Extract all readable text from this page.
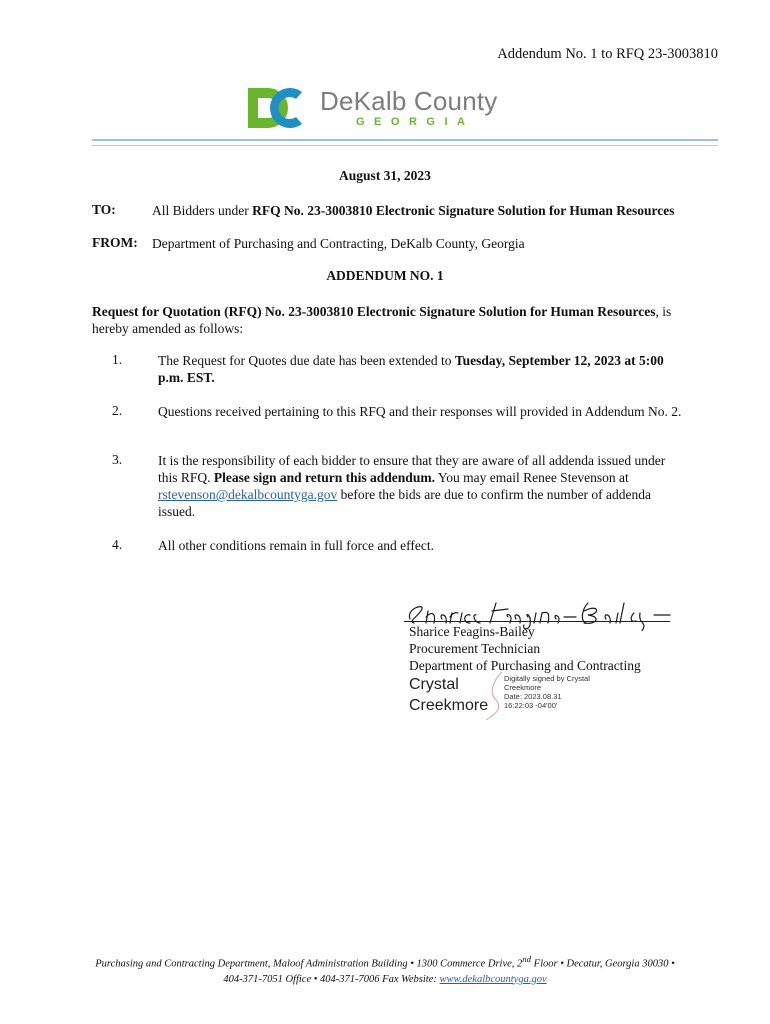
Addendum No. 1 to RFQ 23-3003810
DeKalb County
GEORGIA
August 31, 2023
TO:	All Bidders under RFQ No. 23-3003810 Electronic Signature Solution for Human Resources
FROM: Department of Purchasing and Contracting, DeKalb County, Georgia
ADDENDUM NO. 1
Request for Quotation (RFQ) No. 23-3003810 Electronic Signature Solution for Human Resources, is hereby amended as follows:
1.	The Request for Quotes due date has been extended to Tuesday, September 12, 2023 at 5:00 p.m. EST.
2.	Questions received pertaining to this RFQ and their responses will provided in Addendum No. 2.
3.	It is the responsibility of each bidder to ensure that they are aware of all addenda issued under this RFQ. Please sign and return this addendum. You may email Renee Stevenson at rstevenson@dekalbcountyga.gov before the bids are due to confirm the number of addenda issued.
4.	All other conditions remain in full force and effect.
Sharice Feagins-Bailey
Procurement Technician
Department of Purchasing and Contracting
Crystal
Creekmore
Digitally signed by Crystal
Creekmore
Date: 2023.08.31
16:22:03 -04'00'
Purchasing and Contracting Department, Maloof Administration Building • 1300 Commerce Drive, 2nd Floor • Decatur, Georgia 30030 •
404-371-7051 Office • 404-371-7006 Fax Website: www.dekalbcountyga.gov
